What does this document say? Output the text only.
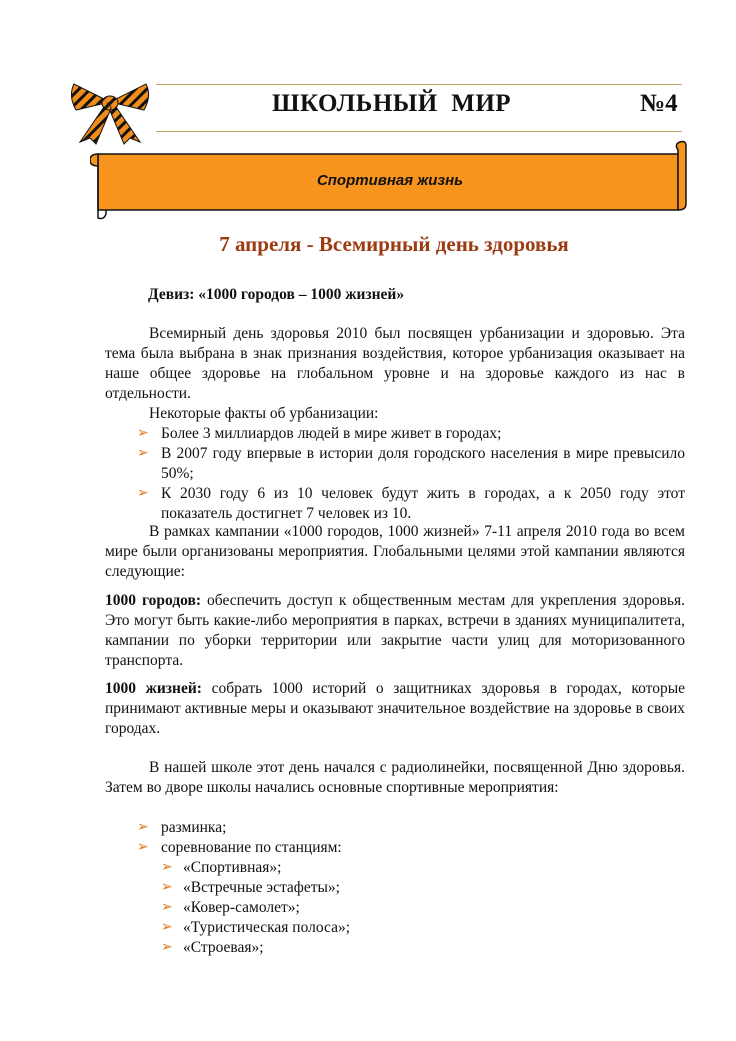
3	ШКОЛЬНЫЙ  МИР	№4
Спортивная жизнь
7 апреля - Всемирный день здоровья
Девиз: «1000 городов – 1000 жизней»
Всемирный день здоровья 2010 был посвящен урбанизации и здоровью. Эта тема была выбрана в знак признания воздействия, которое урбанизация оказывает на наше общее здоровье на глобальном уровне и на здоровье каждого из нас в отдельности.
Некоторые факты об урбанизации:
➢ Более 3 миллиардов людей в мире живет в городах;
➢ В 2007 году впервые в истории доля городского населения в мире превысило 50%;
➢ К 2030 году 6 из 10 человек будут жить в городах, а к 2050 году этот показатель достигнет 7 человек из 10.
В рамках кампании «1000 городов, 1000 жизней» 7-11 апреля 2010 года во всем мире были организованы мероприятия. Глобальными целями этой кампании являются следующие:
1000 городов: обеспечить доступ к общественным местам для укрепления здоровья. Это могут быть какие-либо мероприятия в парках, встречи в зданиях муниципалитета, кампании по уборки территории или закрытие части улиц для моторизованного транспорта.
1000 жизней: собрать 1000 историй о защитниках здоровья в городах, которые принимают активные меры и оказывают значительное воздействие на здоровье в своих городах.
В нашей школе этот день начался с радиолинейки, посвященной Дню здоровья. Затем во дворе школы начались основные спортивные мероприятия:
➢ разминка;
➢ соревнование по станциям:
➢ «Спортивная»;
➢ «Встречные эстафеты»;
➢ «Ковер-самолет»;
➢ «Туристическая полоса»;
➢ «Строевая»;
